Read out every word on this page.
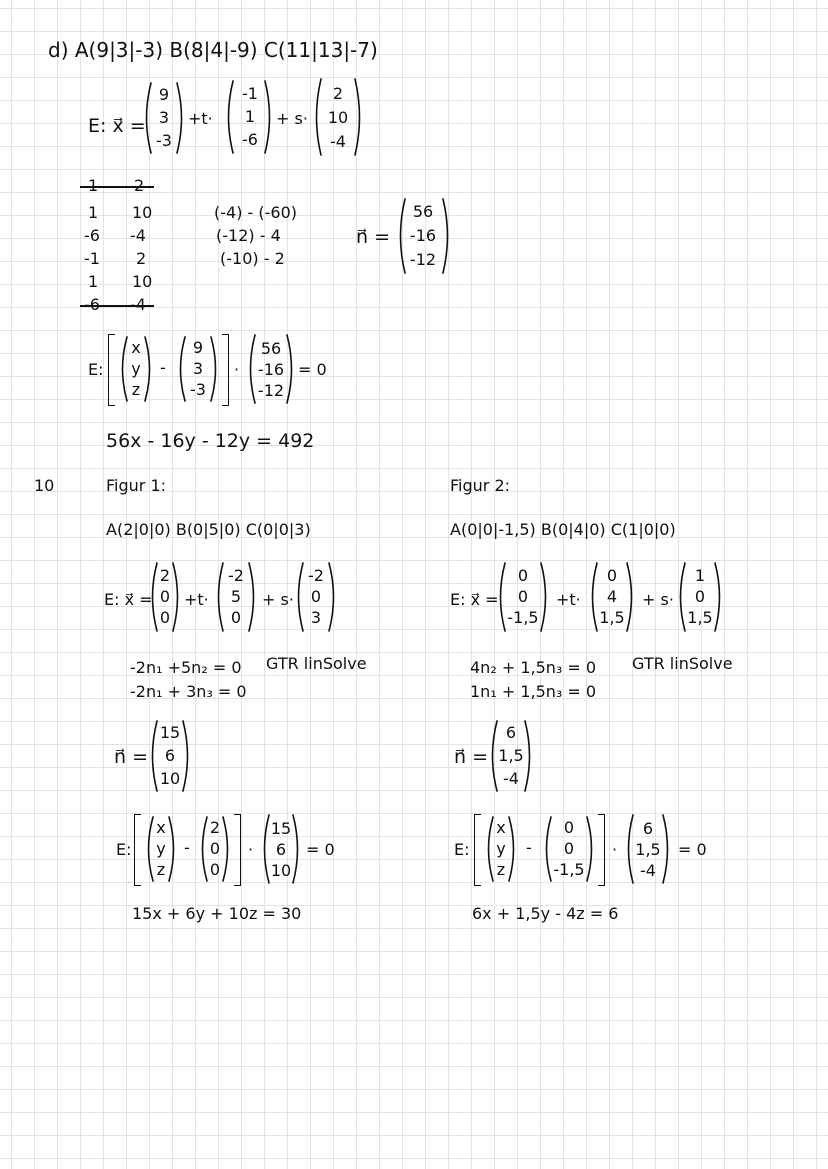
10
d) A(9|3|-3) B(8|4|-9) C(11|13|-7)
E: x⃗ =
9
3
-3
+t·
-1
1
-6
+ s·
2
10
-4
1 10
-6 -4
-1 2
1 10
(-4) - (-60)
(-12) - 4
(-10) - 2
n⃗ =
56
-16
-12
E:
x
y
z
-
9
3
-3
·
56
-16
-12
= 0
56x - 16y - 12y = 492
Figur 1:
A(2|0|0) B(0|5|0) C(0|0|3)
E: x⃗ =
2
0
0
+t·
-2
5
0
+ s·
-2
0
3
-2n₁ +5n₂ = 0
-2n₁ + 3n₃ = 0
GTR linSolve
n⃗ =
15
6
10
E:
x
y
z
-
2
0
0
·
15
6
10
= 0
15x + 6y + 10z = 30
Figur 2:
A(0|0|-1,5) B(0|4|0) C(1|0|0)
E: x⃗ =
0
0
-1,5
+t·
0
4
1,5
+ s·
1
0
1,5
4n₂ + 1,5n₃ = 0
1n₁ + 1,5n₃ = 0
GTR linSolve
n⃗ =
6
1,5
-4
E:
x
y
z
-
0
0
-1,5
·
6
1,5
-4
= 0
6x + 1,5y - 4z = 6
